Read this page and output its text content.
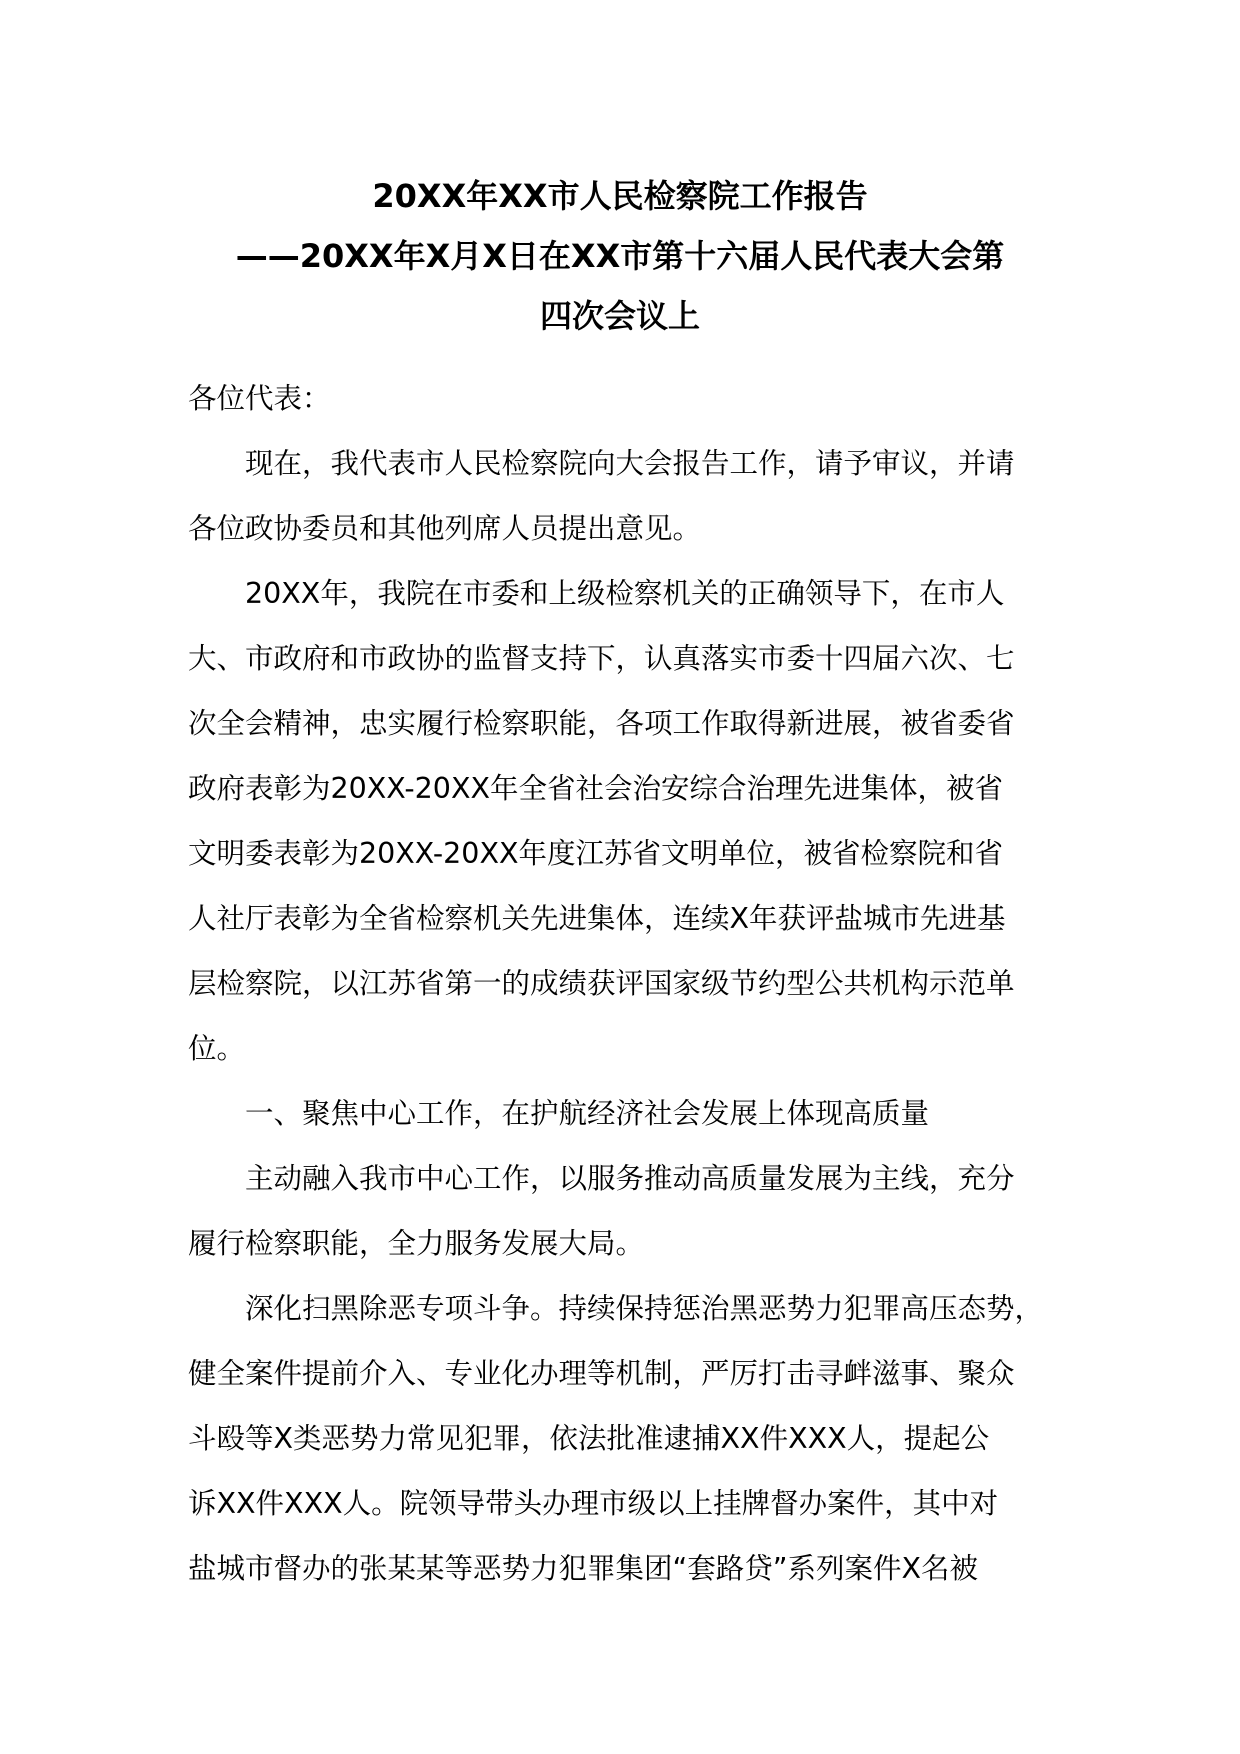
20XX年XX市人民检察院工作报告
——20XX年X月X日在XX市第十六届人民代表大会第
四次会议上
各位代表：
现在，我代表市人民检察院向大会报告工作，请予审议，并请
各位政协委员和其他列席人员提出意见。
20XX年，我院在市委和上级检察机关的正确领导下，在市人
大、市政府和市政协的监督支持下，认真落实市委十四届六次、七
次全会精神，忠实履行检察职能，各项工作取得新进展，被省委省
政府表彰为20XX-20XX年全省社会治安综合治理先进集体，被省
文明委表彰为20XX-20XX年度江苏省文明单位，被省检察院和省
人社厅表彰为全省检察机关先进集体，连续X年获评盐城市先进基
层检察院，以江苏省第一的成绩获评国家级节约型公共机构示范单
位。
一、聚焦中心工作，在护航经济社会发展上体现高质量
主动融入我市中心工作，以服务推动高质量发展为主线，充分
履行检察职能，全力服务发展大局。
深化扫黑除恶专项斗争。持续保持惩治黑恶势力犯罪高压态势，
健全案件提前介入、专业化办理等机制，严厉打击寻衅滋事、聚众
斗殴等X类恶势力常见犯罪，依法批准逮捕XX件XXX人，提起公
诉XX件XXX人。院领导带头办理市级以上挂牌督办案件，其中对
盐城市督办的张某某等恶势力犯罪集团“套路贷”系列案件X名被
